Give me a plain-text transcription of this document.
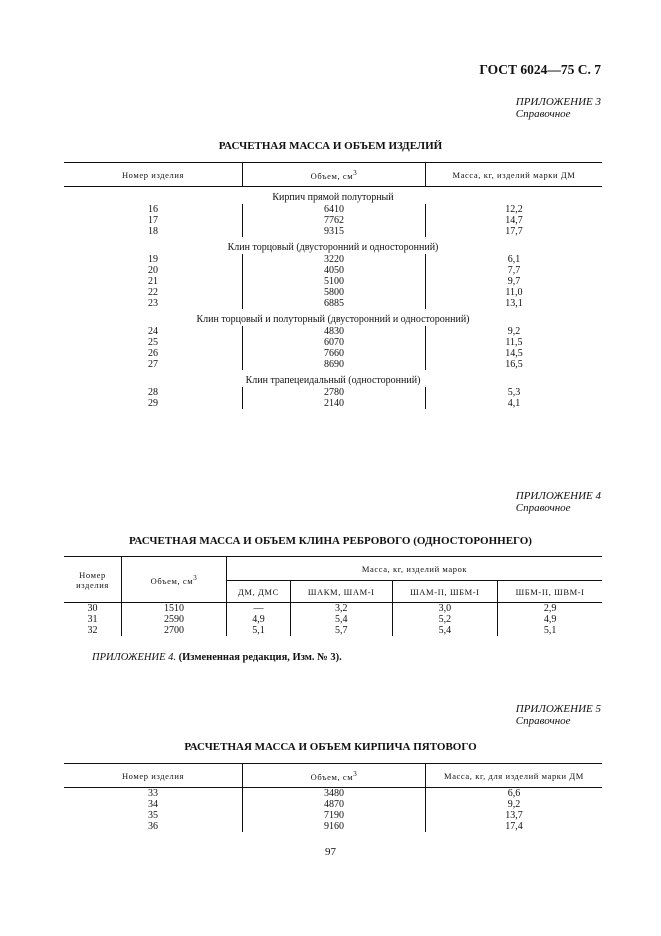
ГОСТ 6024—75 С. 7
ПРИЛОЖЕНИЕ 3
Справочное
РАСЧЕТНАЯ МАССА И ОБЪЕМ ИЗДЕЛИЙ
Номер изделия	Объем, $см^3$	Масса, кг, изделий марки ДМ
Кирпич прямой полуторный		
16	6410	12,2
17	7762	14,7
18	9315	17,7
Клин торцовый (двусторонний и односторонний)		
19	3220	6,1
20	4050	7,7
21	5100	9,7
22	5800	11,0
23	6885	13,1
Клин торцовый и полуторный (двусторонний и односторонний)		
24	4830	9,2
25	6070	11,5
26	7660	14,5
27	8690	16,5
Клин трапецеидальный (односторонний)		
28	2780	5,3
29	2140	4,1
ПРИЛОЖЕНИЕ 4
Справочное
РАСЧЕТНАЯ МАССА И ОБЪЕМ КЛИНА РЕБРОВОГО (ОДНОСТОРОННЕГО)
Номер изделия	Объем, $см^3$	Масса, кг, изделий марок			
		ДМ, ДМС	ШАКМ, ШАМ-I	ШАМ-II, ШБМ-I	ШБМ-II, ШВМ-I
30	1510	—	3,2	3,0	2,9
31	2590	4,9	5,4	5,2	4,9
32	2700	5,1	5,7	5,4	5,1
ПРИЛОЖЕНИЕ 4. (Измененная редакция, Изм. № 3).
ПРИЛОЖЕНИЕ 5
Справочное
РАСЧЕТНАЯ МАССА И ОБЪЕМ КИРПИЧА ПЯТОВОГО
Номер изделия	Объем, $см^3$	Масса, кг, для изделий марки ДМ
33	3480	6,6
34	4870	9,2
35	7190	13,7
36	9160	17,4
97
